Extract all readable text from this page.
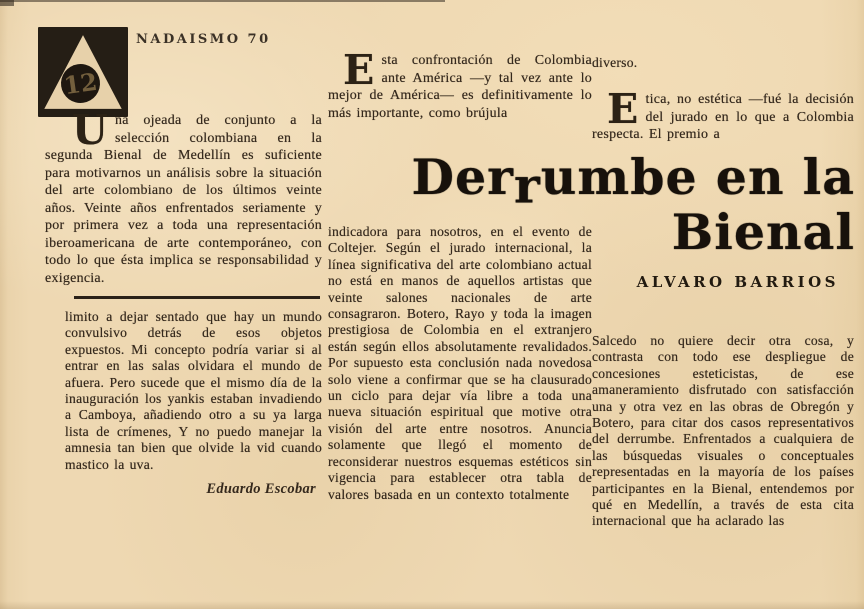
12
NADAISMO 70

Una ojeada de conjunto a la selección colombiana en la segunda Bienal de Medellín es suficiente para motivarnos un análisis sobre la situación del arte colombiano de los últimos veinte años. Veinte años enfrentados seriamente y por primera vez a toda una representación iberoamericana de arte contemporáneo, con todo lo que ésta implica se responsabilidad y exigencia.

limito a dejar sentado que hay un mundo convulsivo detrás de esos objetos expuestos. Mi concepto podría variar si al entrar en las salas olvidara el mundo de afuera. Pero sucede que el mismo día de la inauguración los yankis estaban invadiendo a Camboya, añadiendo otro a su ya larga lista de crímenes, Y no puedo manejar la amnesia tan bien que olvide la vid cuando mastico la uva.

Eduardo Escobar

Esta confrontación de Colombia ante América —y tal vez ante lo mejor de América— es definitivamente lo más importante, como brújula

indicadora para nosotros, en el evento de Coltejer. Según el jurado internacional, la línea significativa del arte colombiano actual no está en manos de aquellos artistas que veinte salones nacionales de arte consagraron. Botero, Rayo y toda la imagen prestigiosa de Colombia en el extranjero están según ellos absolutamente revalidados. Por supuesto esta conclusión nada novedosa solo viene a confirmar que se ha clausurado un ciclo para dejar vía libre a toda una nueva situación espiritual que motive otra visión del arte entre nosotros. Anuncia solamente que llegó el momento de reconsiderar nuestros esquemas estéticos sin vigencia para establecer otra tabla de valores basada en un contexto totalmente

diverso.

Etica, no estética —fué la decisión del jurado en lo que a Colombia respecta. El premio a

Salcedo no quiere decir otra cosa, y contrasta con todo ese despliegue de concesiones esteticistas, de ese amaneramiento disfrutado con satisfacción una y otra vez en las obras de Obregón y Botero, para citar dos casos representativos del derrumbe. Enfrentados a cualquiera de las búsquedas visuales o conceptuales representadas en la mayoría de los países participantes en la Bienal, entendemos por qué en Medellín, a través de esta cita internacional que ha aclarado las

Derrumbe en la
Bienal
ALVARO BARRIOS
